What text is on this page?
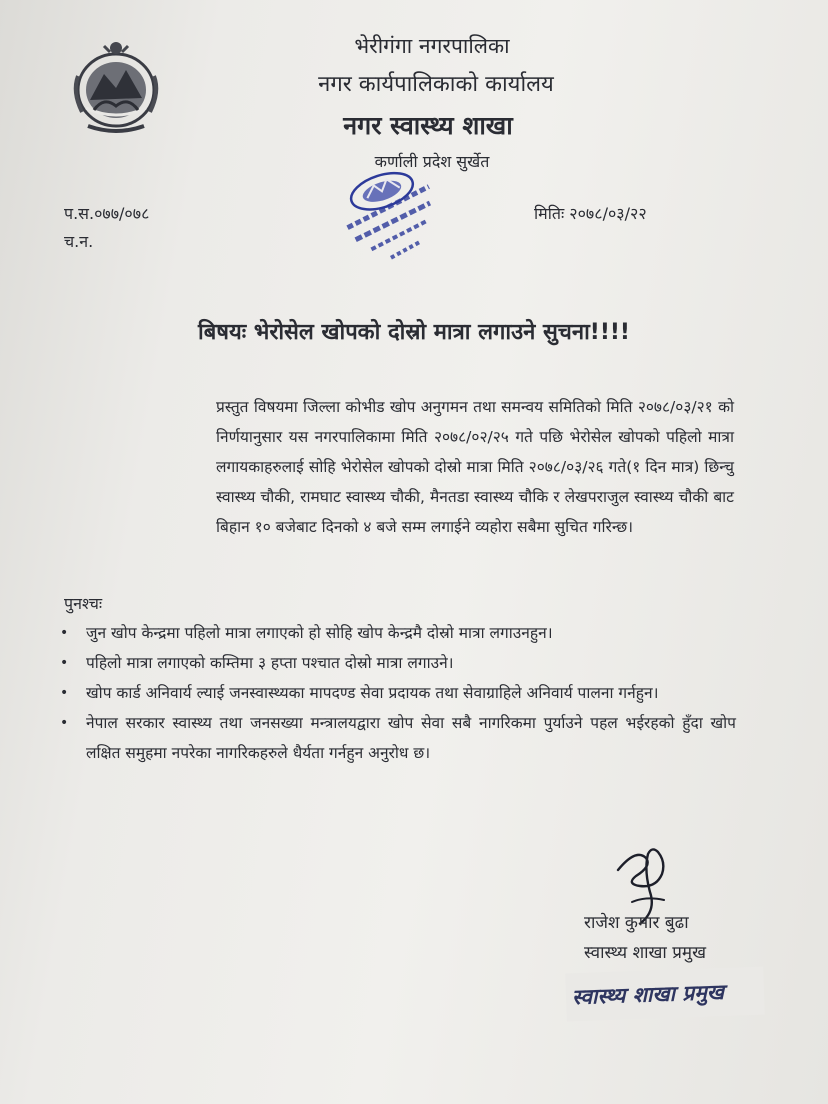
भेरीगंगा नगरपालिका
नगर कार्यपालिकाको कार्यालय
नगर स्वास्थ्य शाखा
कर्णाली प्रदेश सुर्खेत
प.स.०७७/०७८
च.न.
मितिः २०७८/०३/२२
बिषयः भेरोसेल खोपको दोस्रो मात्रा लगाउने सुचना!!!!
प्रस्तुत विषयमा जिल्ला कोभीड खोप अनुगमन तथा समन्वय समितिको मिति २०७८/०३/२१ को निर्णयानुसार यस नगरपालिकामा मिति २०७८/०२/२५ गते पछि भेरोसेल खोपको पहिलो मात्रा लगायकाहरुलाई सोहि भेरोसेल खोपको दोस्रो मात्रा मिति २०७८/०३/२६ गते(१ दिन मात्र) छिन्चु स्वास्थ्य चौकी, रामघाट स्वास्थ्य चौकी, मैनतडा स्वास्थ्य चौकि र लेखपराजुल स्वास्थ्य चौकी बाट बिहान १० बजेबाट दिनको ४ बजे सम्म लगाईने व्यहोरा सबैमा सुचित गरिन्छ।
पुनश्चः
• जुन खोप केन्द्रमा पहिलो मात्रा लगाएको हो सोहि खोप केन्द्रमै दोस्रो मात्रा लगाउनहुन।
• पहिलो मात्रा लगाएको कम्तिमा ३ हप्ता पश्चात दोस्रो मात्रा लगाउने।
• खोप कार्ड अनिवार्य ल्याई जनस्वास्थ्यका मापदण्ड सेवा प्रदायक तथा सेवाग्राहिले अनिवार्य पालना गर्नहुन।
• नेपाल सरकार स्वास्थ्य तथा जनसख्या मन्त्रालयद्वारा खोप सेवा सबै नागरिकमा पुर्याउने पहल भईरहको हुँदा खोप लक्षित समुहमा नपरेका नागरिकहरुले धैर्यता गर्नहुन अनुरोध छ।
राजेश कुमार बुढा
स्वास्थ्य शाखा प्रमुख
स्वास्थ्य शाखा प्रमुख
